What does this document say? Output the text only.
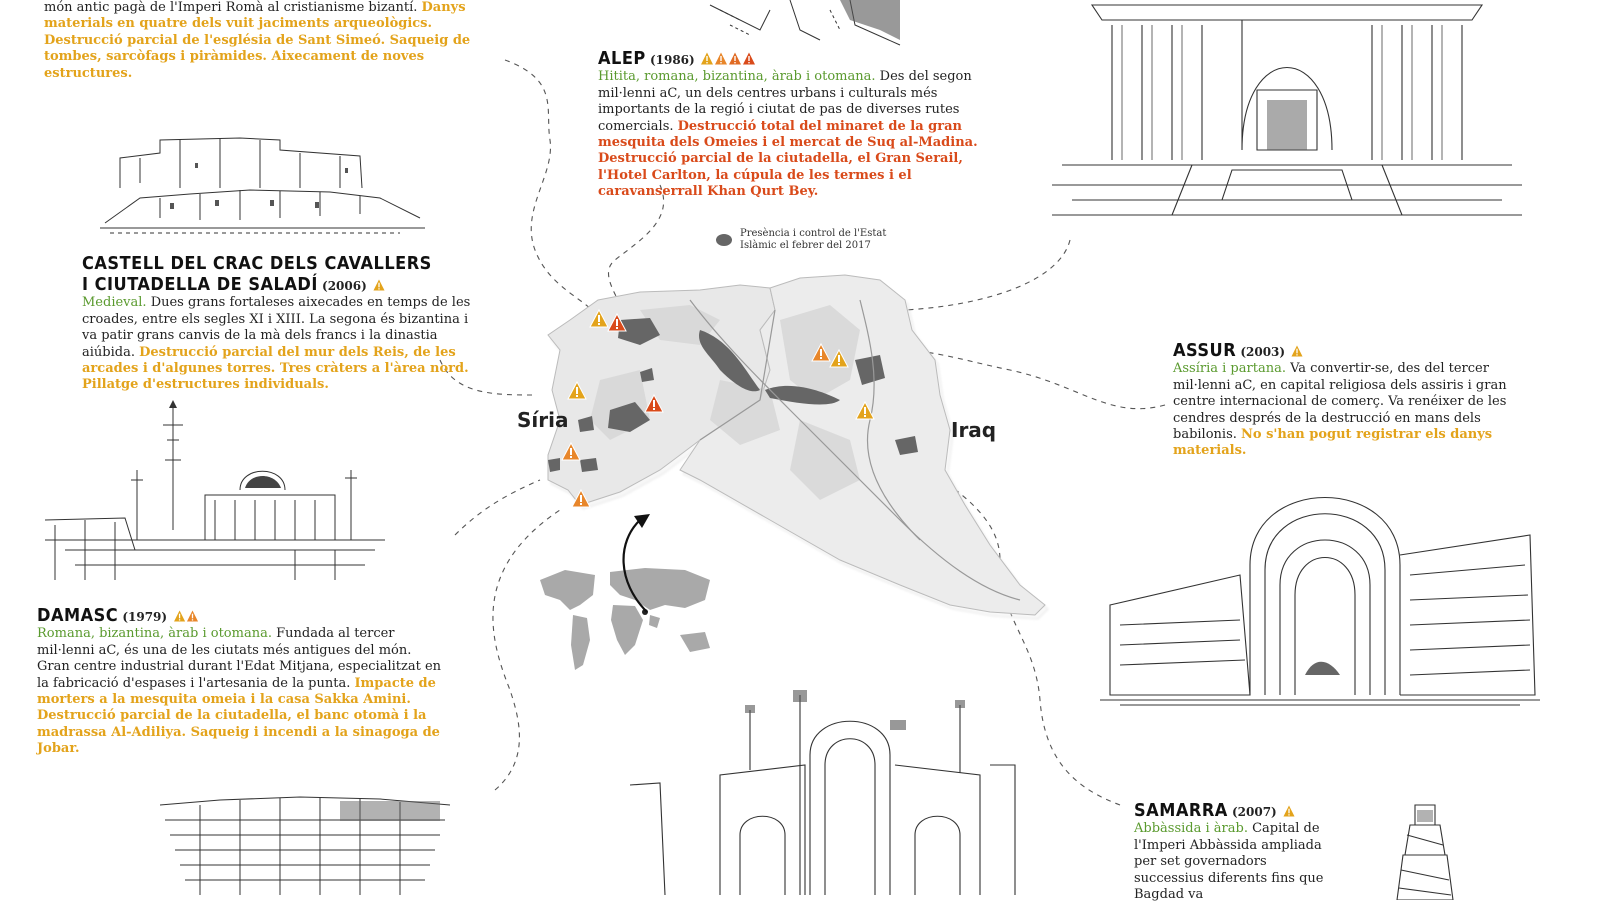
món antic pagà de l'Imperi Romà al cristianisme bizantí. Danys materials en quatre dels vuit jaciments arqueològics. Destrucció parcial de l'església de Sant Simeó. Saqueig de tombes, sarcòfags i piràmides. Aixecament de noves estructures.

ALEP (1986)

Hitita, romana, bizantina, àrab i otomana. Des del segon mil·lenni aC, un dels centres urbans i culturals més importants de la regió i ciutat de pas de diverses rutes comercials. Destrucció total del minaret de la gran mesquita dels Omeies i el mercat de Suq al-Madina. Destrucció parcial de la ciutadella, el Gran Serail, l'Hotel Carlton, la cúpula de les termes i el caravanserrall Khan Qurt Bey.

CASTELL DEL CRAC DELS CAVALLERS

I CIUTADELLA DE SALADÍ (2006)

Medieval. Dues grans fortaleses aixecades en temps de les croades, entre els segles XI i XIII. La segona és bizantina i va patir grans canvis de la mà dels francs i la dinastia aiúbida. Destrucció parcial del mur dels Reis, de les arcades i d'algunes torres. Tres cràters a l'àrea nord. Pillatge d'estructures individuals.

DAMASC (1979)

Romana, bizantina, àrab i otomana. Fundada al tercer mil·lenni aC, és una de les ciutats més antigues del món. Gran centre industrial durant l'Edat Mitjana, especialitzat en la fabricació d'espases i l'artesania de la punta. Impacte de morters a la mesquita omeia i la casa Sakka Amini. Destrucció parcial de la ciutadella, el banc otomà i la madrassa Al-Adiliya. Saqueig i incendi a la sinagoga de Jobar.

ASSUR (2003)

Assíria i partana. Va convertir-se, des del tercer mil·lenni aC, en capital religiosa dels assiris i gran centre internacional de comerç. Va renéixer de les cendres després de la destrucció en mans dels babilonis. No s'han pogut registrar els danys materials.

SAMARRA (2007)

Abbàssida i àrab. Capital de l'Imperi Abbàssida ampliada per set governadors successius diferents fins que Bagdad va

Presència i control de l'Estat Islàmic el febrer del 2017
Síria	Iraq
